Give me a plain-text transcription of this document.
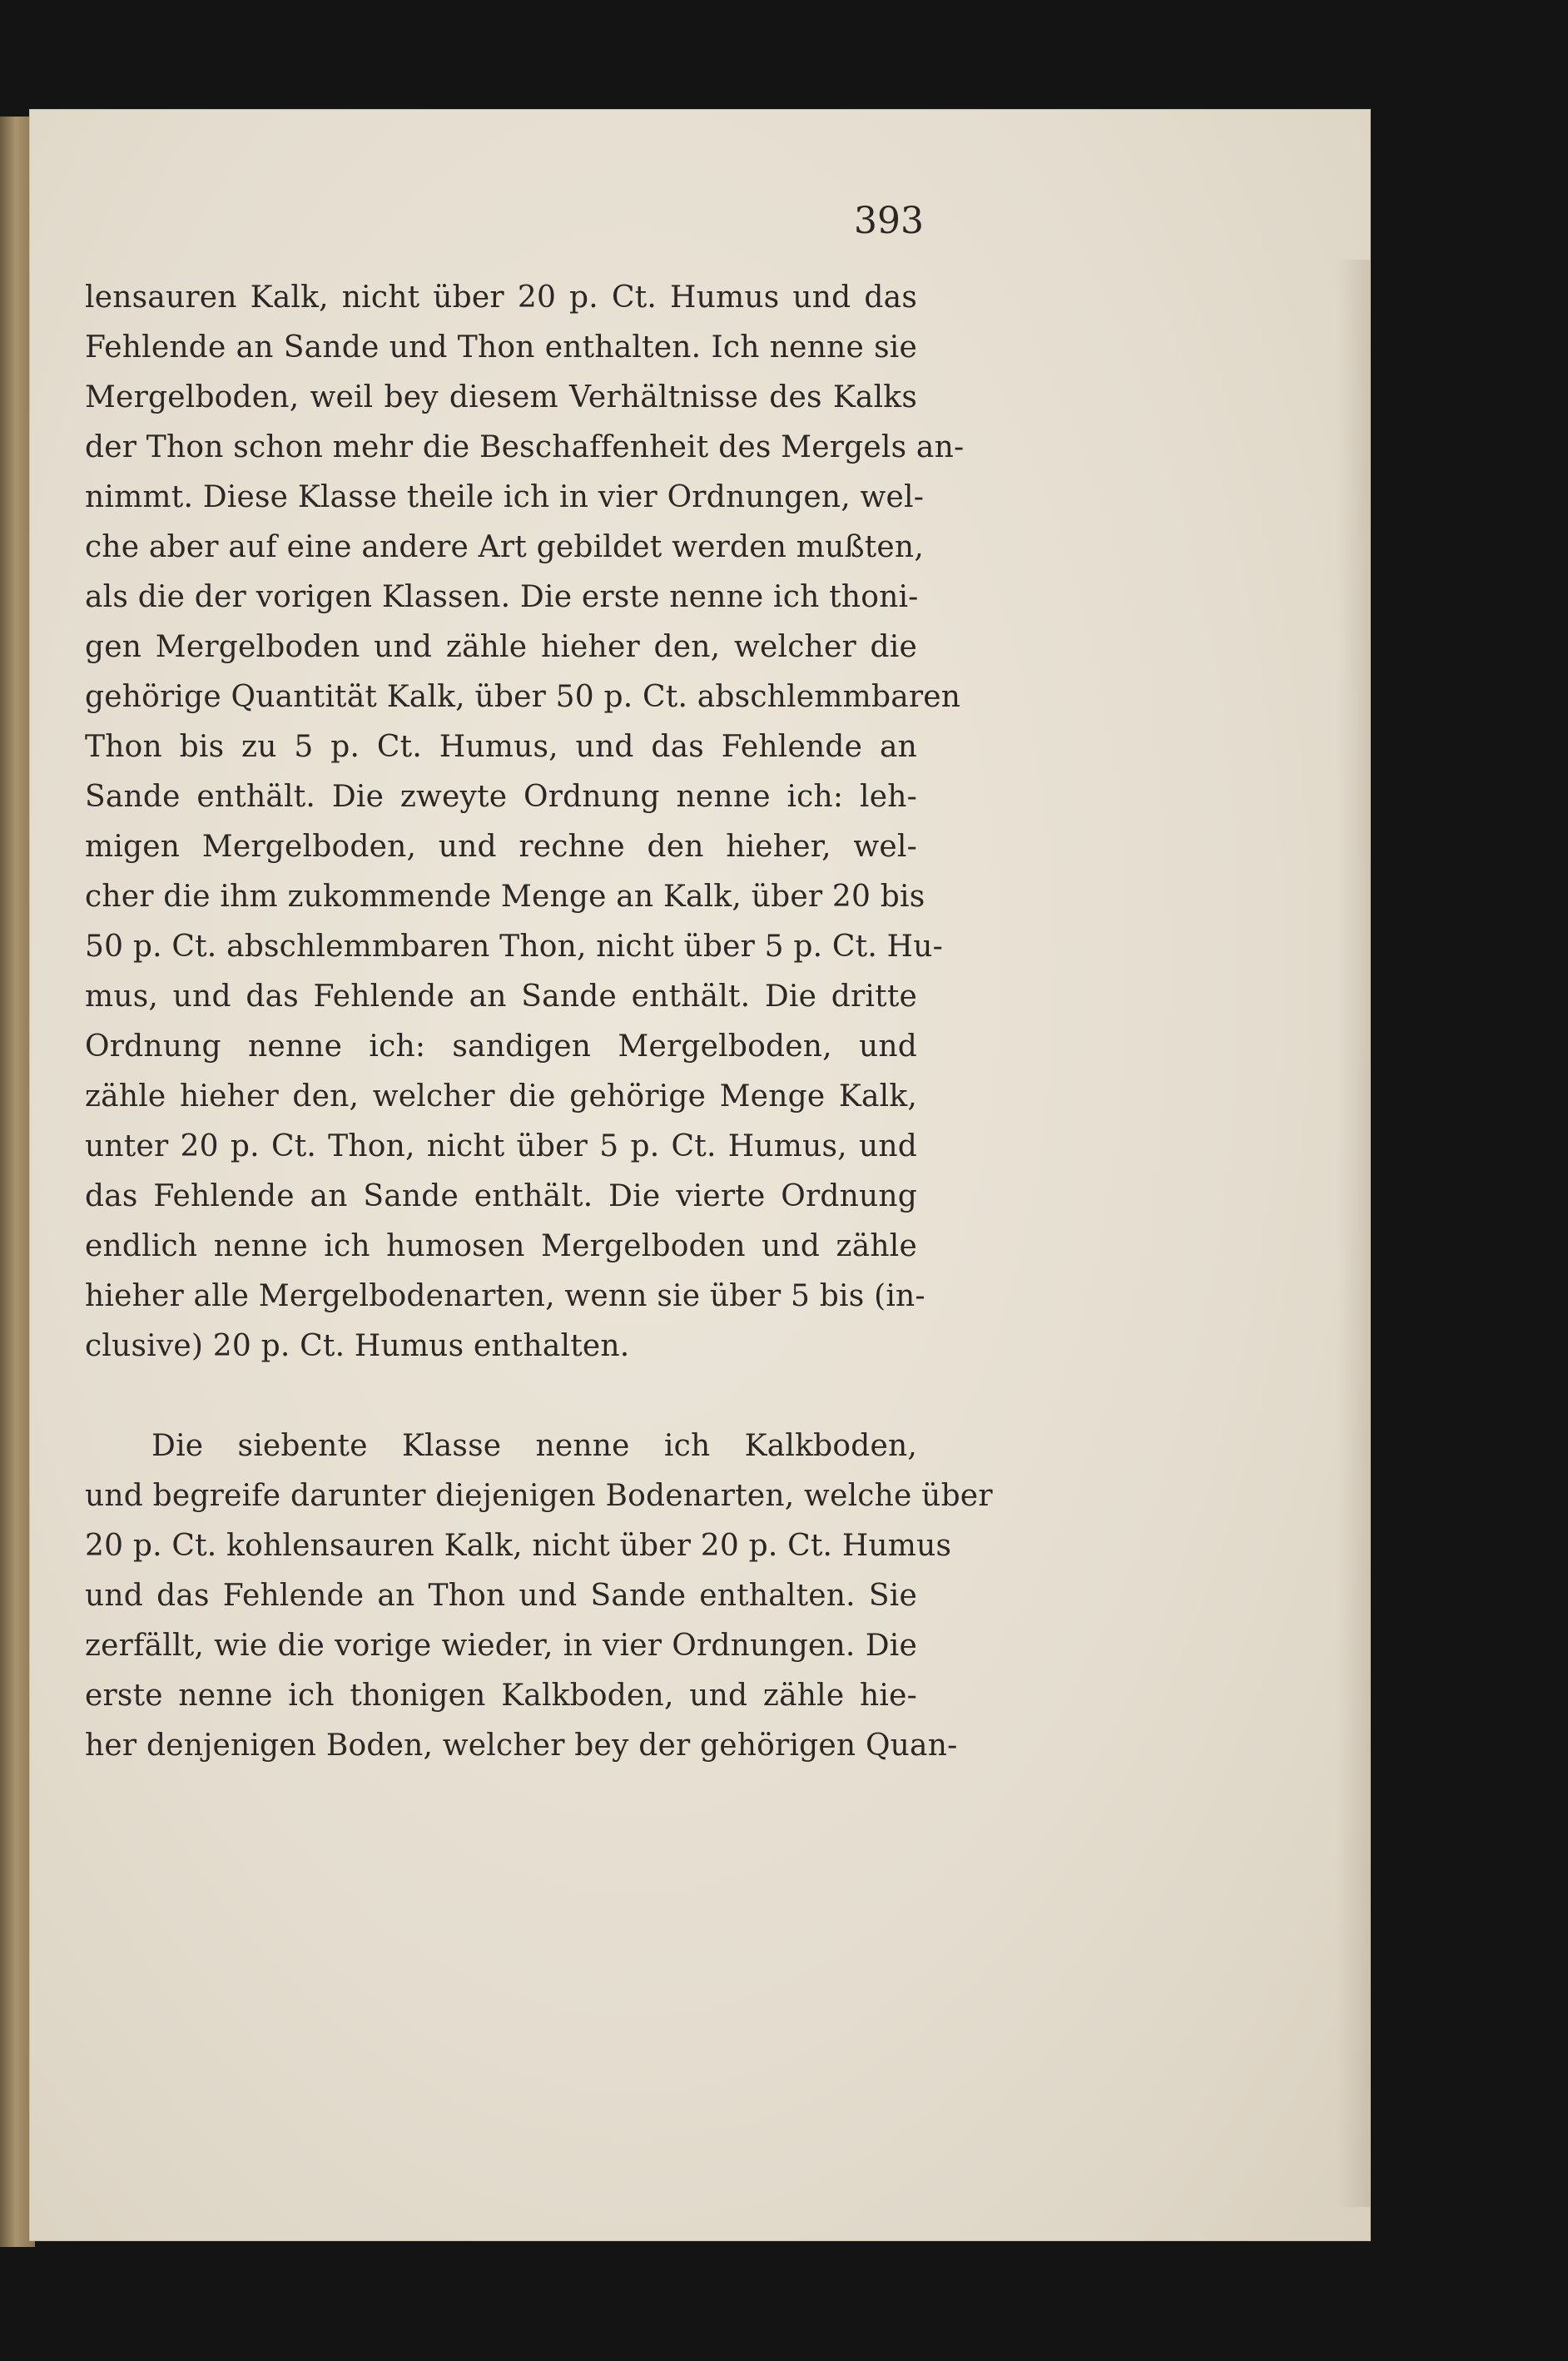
393

lensauren Kalk, nicht über 20 p. Ct. Humus und das
Fehlende an Sande und Thon enthalten. Ich nenne sie
Mergelboden, weil bey diesem Verhältnisse des Kalks
der Thon schon mehr die Beschaffenheit des Mergels an-
nimmt. Diese Klasse theile ich in vier Ordnungen, wel-
che aber auf eine andere Art gebildet werden mußten,
als die der vorigen Klassen. Die erste nenne ich thoni-
gen Mergelboden und zähle hieher den, welcher die
gehörige Quantität Kalk, über 50 p. Ct. abschlemmbaren
Thon bis zu 5 p. Ct. Humus, und das Fehlende an
Sande enthält. Die zweyte Ordnung nenne ich: leh-
migen Mergelboden, und rechne den hieher, wel-
cher die ihm zukommende Menge an Kalk, über 20 bis
50 p. Ct. abschlemmbaren Thon, nicht über 5 p. Ct. Hu-
mus, und das Fehlende an Sande enthält. Die dritte
Ordnung nenne ich: sandigen Mergelboden, und
zähle hieher den, welcher die gehörige Menge Kalk,
unter 20 p. Ct. Thon, nicht über 5 p. Ct. Humus, und
das Fehlende an Sande enthält. Die vierte Ordnung
endlich nenne ich humosen Mergelboden und zähle
hieher alle Mergelbodenarten, wenn sie über 5 bis (in-
clusive) 20 p. Ct. Humus enthalten.

Die siebente Klasse nenne ich Kalkboden,
und begreife darunter diejenigen Bodenarten, welche über
20 p. Ct. kohlensauren Kalk, nicht über 20 p. Ct. Humus
und das Fehlende an Thon und Sande enthalten. Sie
zerfällt, wie die vorige wieder, in vier Ordnungen. Die
erste nenne ich thonigen Kalkboden, und zähle hie-
her denjenigen Boden, welcher bey der gehörigen Quan-
